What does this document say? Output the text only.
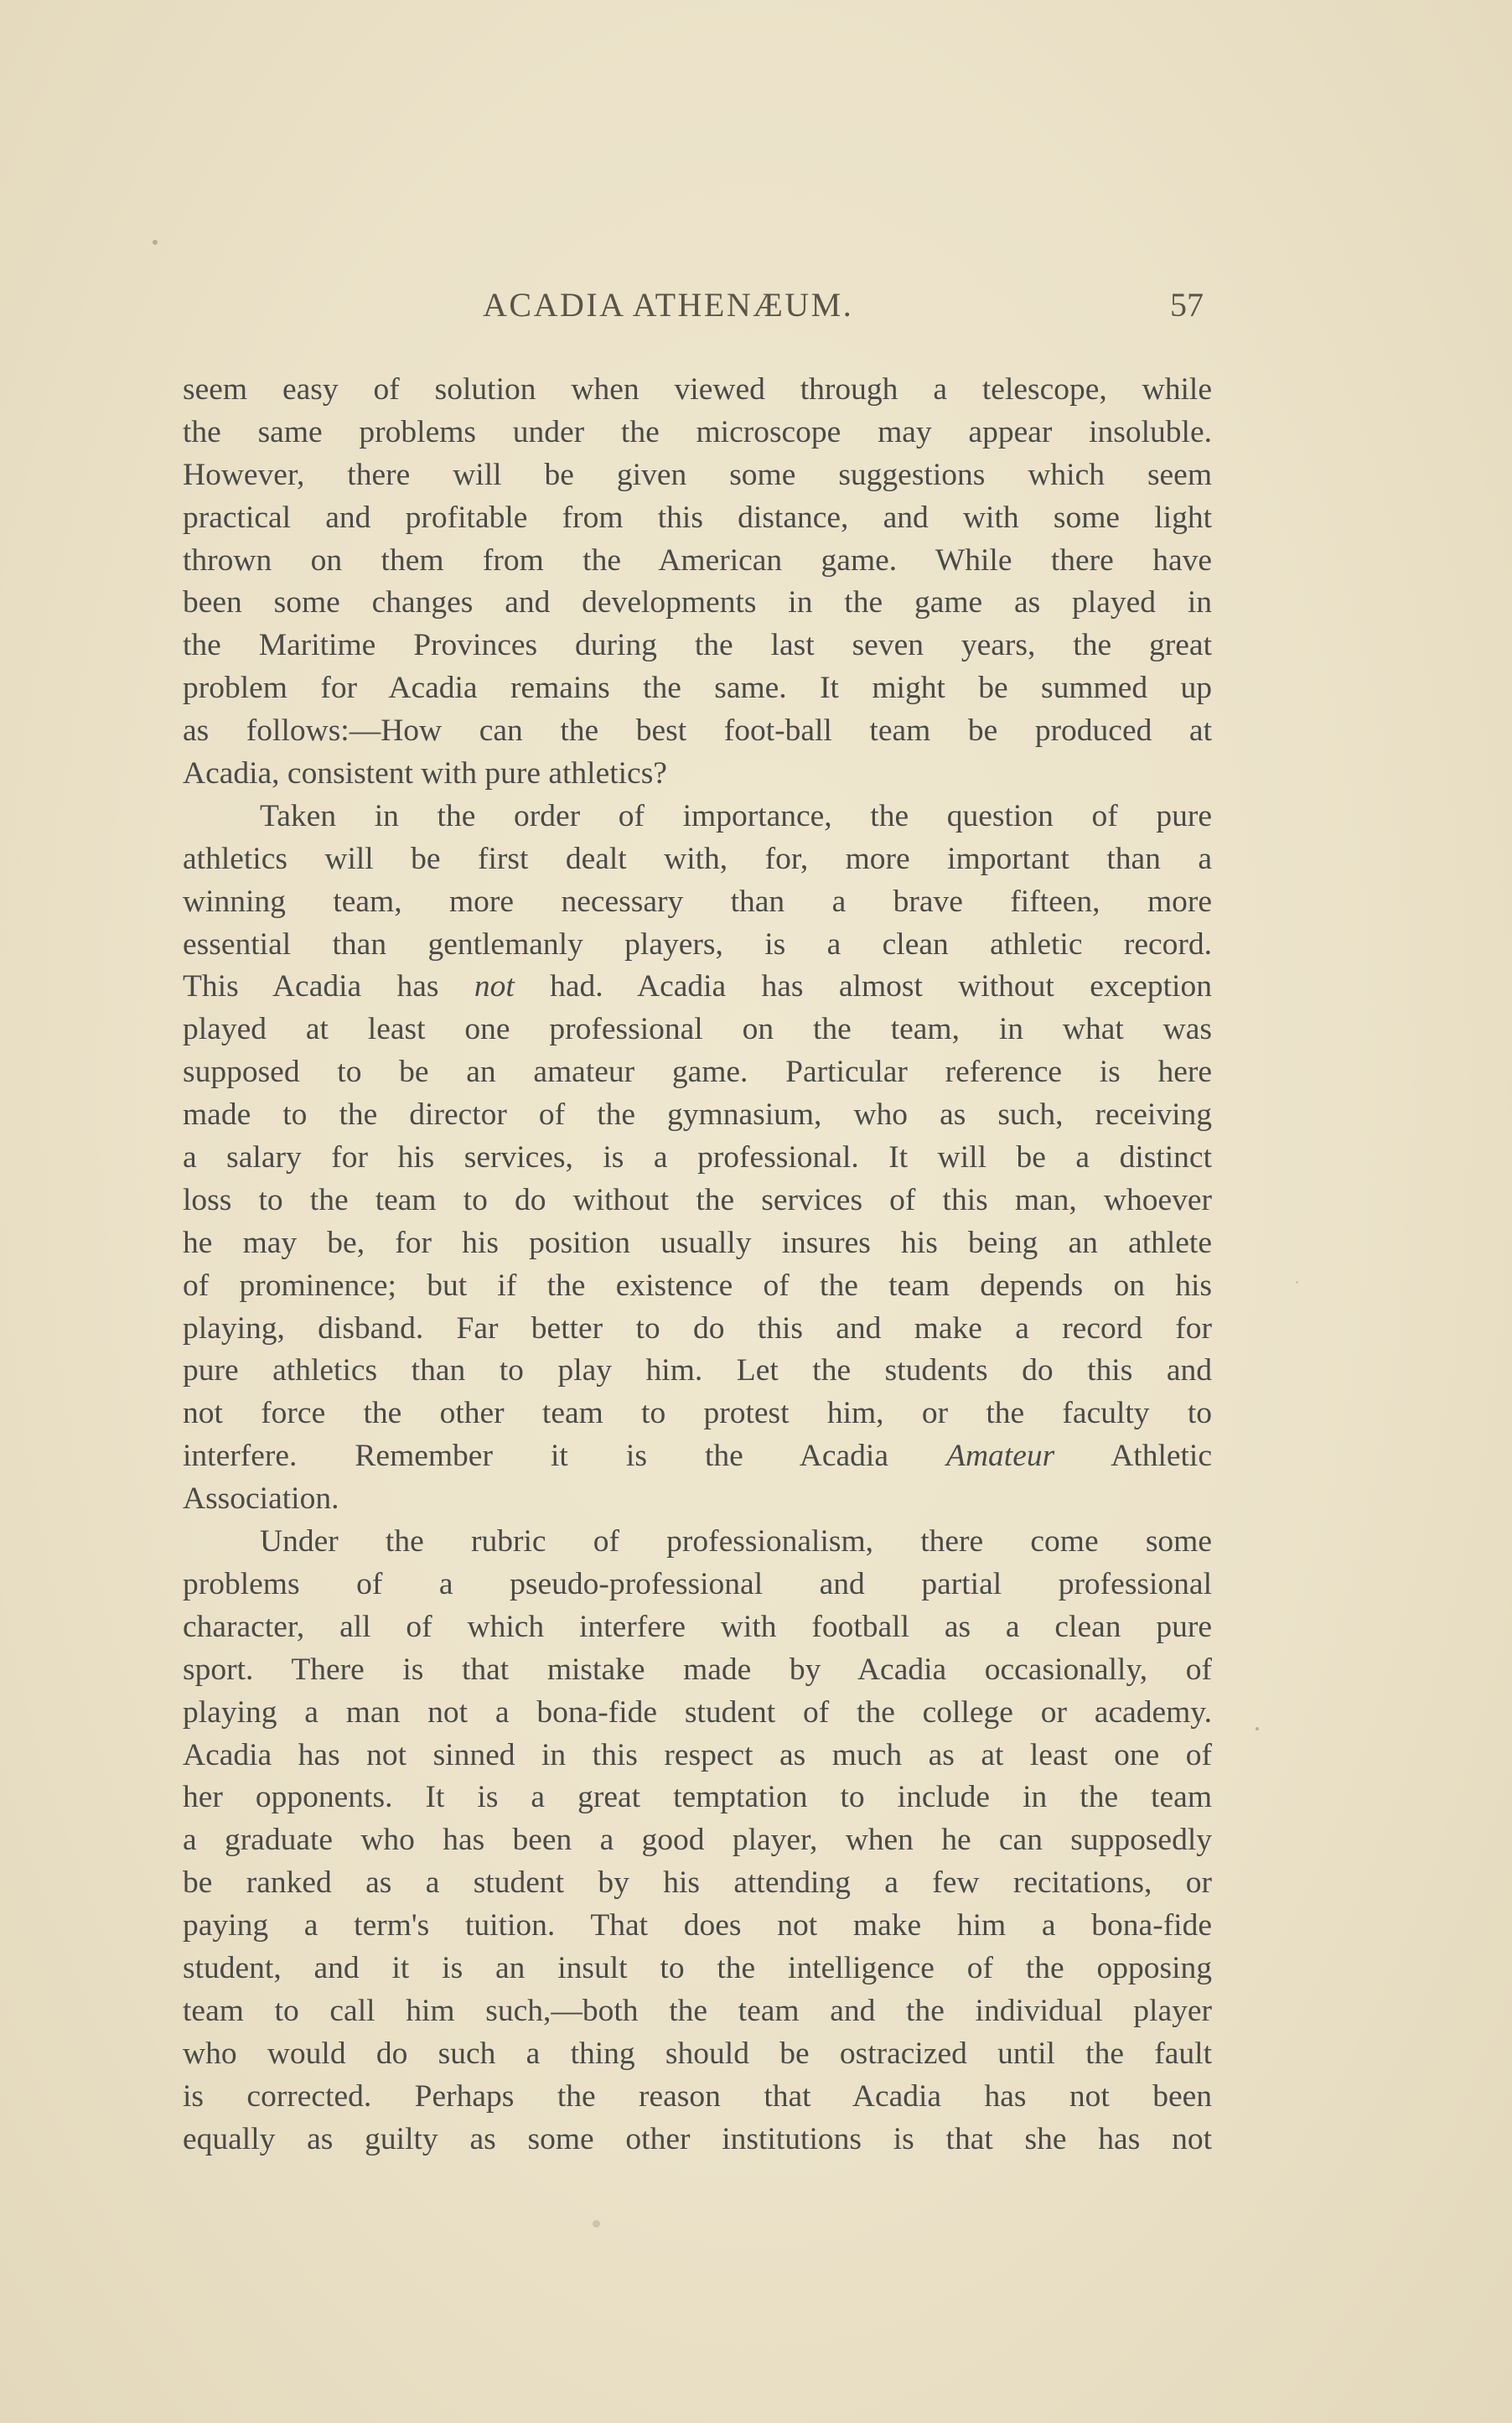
ACADIA ATHENÆUM.	57
seem easy of solution when viewed through a telescope, while
the same problems under the microscope may appear insoluble.
However, there will be given some suggestions which seem
practical and profitable from this distance, and with some light
thrown on them from the American game. While there have
been some changes and developments in the game as played in
the Maritime Provinces during the last seven years, the great
problem for Acadia remains the same. It might be summed up
as follows:—How can the best foot-ball team be produced at
Acadia, consistent with pure athletics?
Taken in the order of importance, the question of pure
athletics will be first dealt with, for, more important than a
winning team, more necessary than a brave fifteen, more
essential than gentlemanly players, is a clean athletic record.
This Acadia has not had. Acadia has almost without exception
played at least one professional on the team, in what was
supposed to be an amateur game. Particular reference is here
made to the director of the gymnasium, who as such, receiving
a salary for his services, is a professional. It will be a distinct
loss to the team to do without the services of this man, whoever
he may be, for his position usually insures his being an athlete
of prominence; but if the existence of the team depends on his
playing, disband. Far better to do this and make a record for
pure athletics than to play him. Let the students do this and
not force the other team to protest him, or the faculty to
interfere. Remember it is the Acadia Amateur Athletic
Association.
Under the rubric of professionalism, there come some
problems of a pseudo-professional and partial professional
character, all of which interfere with football as a clean pure
sport. There is that mistake made by Acadia occasionally, of
playing a man not a bona-fide student of the college or academy.
Acadia has not sinned in this respect as much as at least one of
her opponents. It is a great temptation to include in the team
a graduate who has been a good player, when he can supposedly
be ranked as a student by his attending a few recitations, or
paying a term's tuition. That does not make him a bona-fide
student, and it is an insult to the intelligence of the opposing
team to call him such,—both the team and the individual player
who would do such a thing should be ostracized until the fault
is corrected. Perhaps the reason that Acadia has not been
equally as guilty as some other institutions is that she has not
